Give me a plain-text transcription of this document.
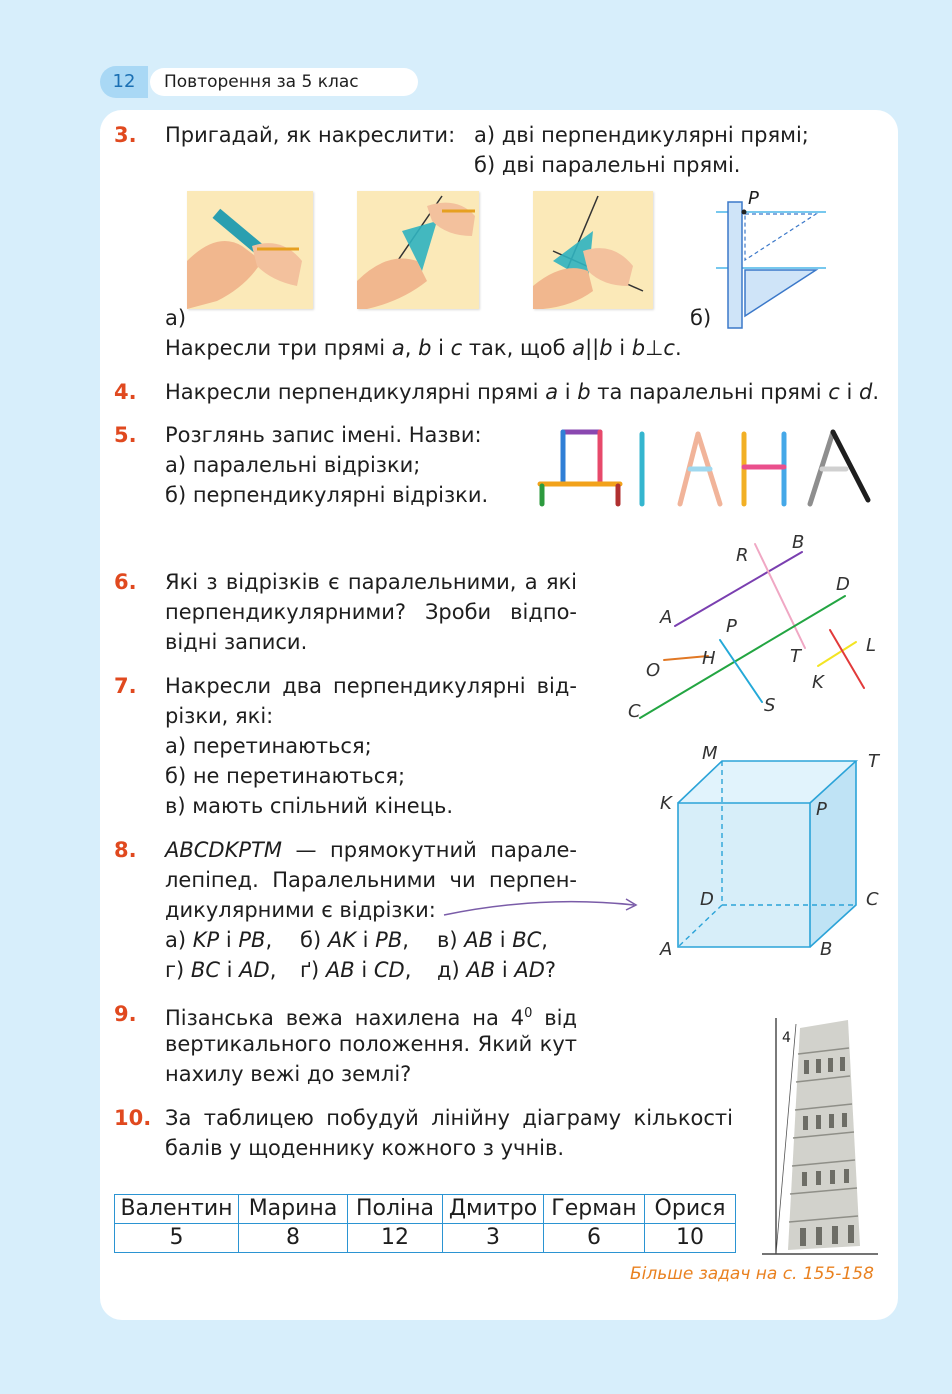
12	Повторення за 5 клас
3. Пригадай, як накреслити: а) дві перпендикулярні прямі;
б) дві паралельні прямі.
P
а)	б)
Накресли три прямі a, b і c так, щоб a||b і b⊥c.
4. Накресли перпендикулярні прямі a і b та паралельні прямі c і d.
5. Розглянь запис імені. Назви:
а) паралельні відрізки;
б) перпендикулярні відрізки.
6. Які з відрізків є паралельними, а які
перпендикулярними? Зроби відпо-
відні записи.
A
B
R
D
P
H
O
T
L
K
C	S
7. Накресли два перпендикулярні від-
різки, які:
а) перетинаються;
б) не перетинаються;
в) мають спільний кінець.
M	T
K	P
D	C
A	B
8. ABCDKPTM — прямокутний парале-
лепіпед. Паралельними чи перпен-
дикулярними є відрізки:
а) KP і PB, б) AK і PB, в) AB і BC,
г) BC і AD, ґ) AB і CD, д) AB і AD?
9. Пізанська вежа нахилена на $4^0$ від
вертикального положення. Який кут
нахилу вежі до землі?
4
10. За таблицею побудуй лінійну діаграму кількості
балів у щоденнику кожного з учнів.
Валентин	Марина	Поліна	Дмитро	Герман	Орися
5	8	12	3	6	10
Більше задач на с. 155-158
